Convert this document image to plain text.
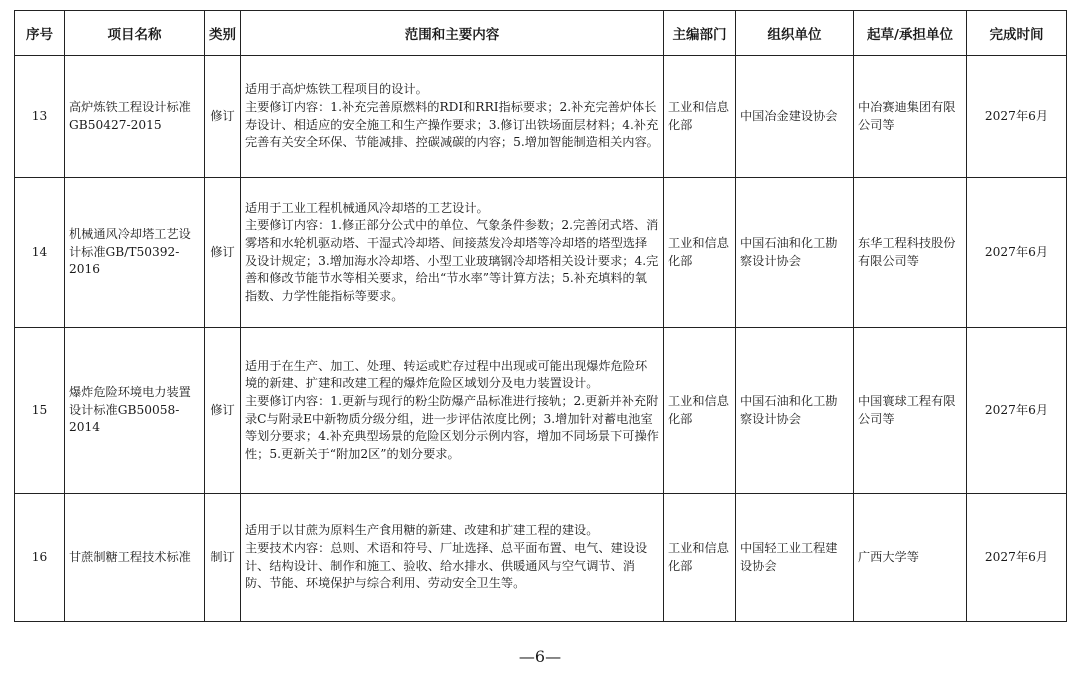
序号	项目名称	类别	范围和主要内容	主编部门	组织单位	起草/承担单位	完成时间
13	高炉炼铁工程设计标准GB50427-2015	修订	适用于高炉炼铁工程项目的设计。
主要修订内容：1.补充完善原燃料的RDI和RRI指标要求；2.补充完善炉体长寿设计、相适应的安全施工和生产操作要求；3.修订出铁场面层材料；4.补充完善有关安全环保、节能减排、控碳减碳的内容；5.增加智能制造相关内容。	工业和信息化部	中国冶金建设协会	中冶赛迪集团有限公司等	2027年6月
14	机械通风冷却塔工艺设计标准GB/T50392-2016	修订	适用于工业工程机械通风冷却塔的工艺设计。
主要修订内容：1.修正部分公式中的单位、气象条件参数；2.完善闭式塔、消雾塔和水轮机驱动塔、干湿式冷却塔、间接蒸发冷却塔等冷却塔的塔型选择及设计规定；3.增加海水冷却塔、小型工业玻璃钢冷却塔相关设计要求；4.完善和修改节能节水等相关要求，给出“节水率”等计算方法；5.补充填料的氧指数、力学性能指标等要求。	工业和信息化部	中国石油和化工勘察设计协会	东华工程科技股份有限公司等	2027年6月
15	爆炸危险环境电力装置设计标准GB50058-2014	修订	适用于在生产、加工、处理、转运或贮存过程中出现或可能出现爆炸危险环境的新建、扩建和改建工程的爆炸危险区域划分及电力装置设计。
主要修订内容：1.更新与现行的粉尘防爆产品标准进行接轨；2.更新并补充附录C与附录E中新物质分级分组，进一步评估浓度比例；3.增加针对蓄电池室等划分要求；4.补充典型场景的危险区划分示例内容，增加不同场景下可操作性；5.更新关于“附加2区”的划分要求。	工业和信息化部	中国石油和化工勘察设计协会	中国寰球工程有限公司等	2027年6月
16	甘蔗制糖工程技术标准	制订	适用于以甘蔗为原料生产食用糖的新建、改建和扩建工程的建设。
主要技术内容：总则、术语和符号、厂址选择、总平面布置、电气、建设设计、结构设计、制作和施工、验收、给水排水、供暖通风与空气调节、消防、节能、环境保护与综合利用、劳动安全卫生等。	工业和信息化部	中国轻工业工程建设协会	广西大学等	2027年6月
—6—
